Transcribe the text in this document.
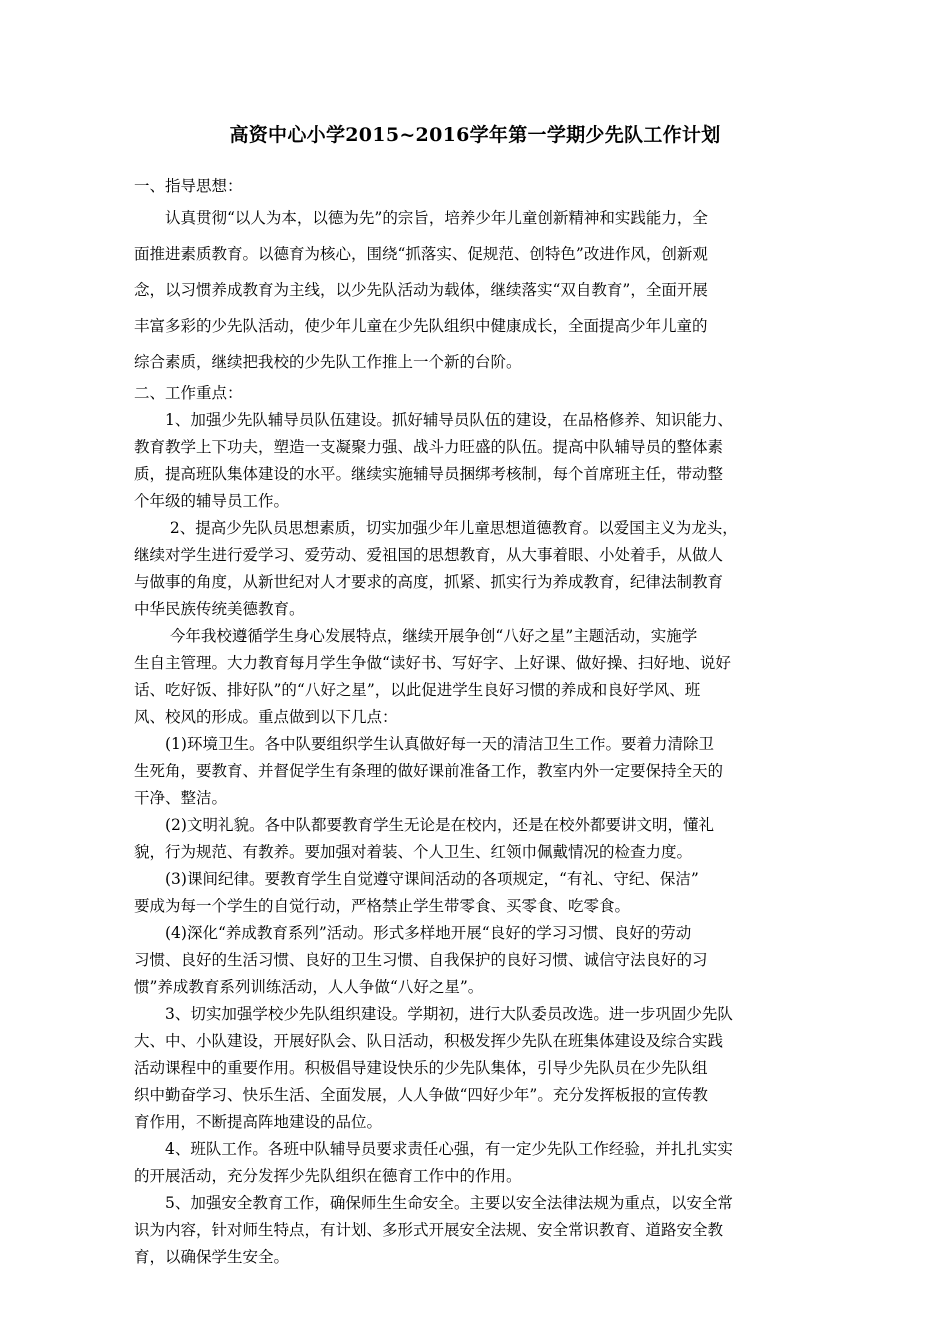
高资中心小学2015~2016学年第一学期少先队工作计划
一、指导思想：
　　认真贯彻“以人为本，以德为先”的宗旨，培养少年儿童创新精神和实践能力，全
面推进素质教育。以德育为核心，围绕“抓落实、促规范、创特色”改进作风，创新观
念，以习惯养成教育为主线，以少先队活动为载体，继续落实“双自教育”，全面开展
丰富多彩的少先队活动，使少年儿童在少先队组织中健康成长，全面提高少年儿童的
综合素质，继续把我校的少先队工作推上一个新的台阶。
二、工作重点：
　　1、加强少先队辅导员队伍建设。抓好辅导员队伍的建设，在品格修养、知识能力、
教育教学上下功夫，塑造一支凝聚力强、战斗力旺盛的队伍。提高中队辅导员的整体素
质，提高班队集体建设的水平。继续实施辅导员捆绑考核制，每个首席班主任，带动整
个年级的辅导员工作。
　　 2、提高少先队员思想素质，切实加强少年儿童思想道德教育。以爱国主义为龙头，
继续对学生进行爱学习、爱劳动、爱祖国的思想教育，从大事着眼、小处着手，从做人
与做事的角度，从新世纪对人才要求的高度，抓紧、抓实行为养成教育，纪律法制教育
中华民族传统美德教育。
　　 今年我校遵循学生身心发展特点，继续开展争创“八好之星”主题活动，实施学
生自主管理。大力教育每月学生争做“读好书、写好字、上好课、做好操、扫好地、说好
话、吃好饭、排好队”的“八好之星”，以此促进学生良好习惯的养成和良好学风、班
风、校风的形成。重点做到以下几点：
　　(1)环境卫生。各中队要组织学生认真做好每一天的清洁卫生工作。要着力清除卫
生死角，要教育、并督促学生有条理的做好课前准备工作，教室内外一定要保持全天的
干净、整洁。
　　(2)文明礼貌。各中队都要教育学生无论是在校内，还是在校外都要讲文明，懂礼
貌，行为规范、有教养。要加强对着装、个人卫生、红领巾佩戴情况的检查力度。
　　(3)课间纪律。要教育学生自觉遵守课间活动的各项规定，“有礼、守纪、保洁”
要成为每一个学生的自觉行动，严格禁止学生带零食、买零食、吃零食。
　　(4)深化“养成教育系列”活动。形式多样地开展“良好的学习习惯、良好的劳动
习惯、良好的生活习惯、良好的卫生习惯、自我保护的良好习惯、诚信守法良好的习
惯”养成教育系列训练活动，人人争做“八好之星”。
　　3、切实加强学校少先队组织建设。学期初，进行大队委员改选。进一步巩固少先队
大、中、小队建设，开展好队会、队日活动，积极发挥少先队在班集体建设及综合实践
活动课程中的重要作用。积极倡导建设快乐的少先队集体，引导少先队员在少先队组
织中勤奋学习、快乐生活、全面发展，人人争做“四好少年”。充分发挥板报的宣传教
育作用，不断提高阵地建设的品位。
　　4、班队工作。各班中队辅导员要求责任心强，有一定少先队工作经验，并扎扎实实
的开展活动，充分发挥少先队组织在德育工作中的作用。
　　5、加强安全教育工作，确保师生生命安全。主要以安全法律法规为重点，以安全常
识为内容，针对师生特点，有计划、多形式开展安全法规、安全常识教育、道路安全教
育，以确保学生安全。
